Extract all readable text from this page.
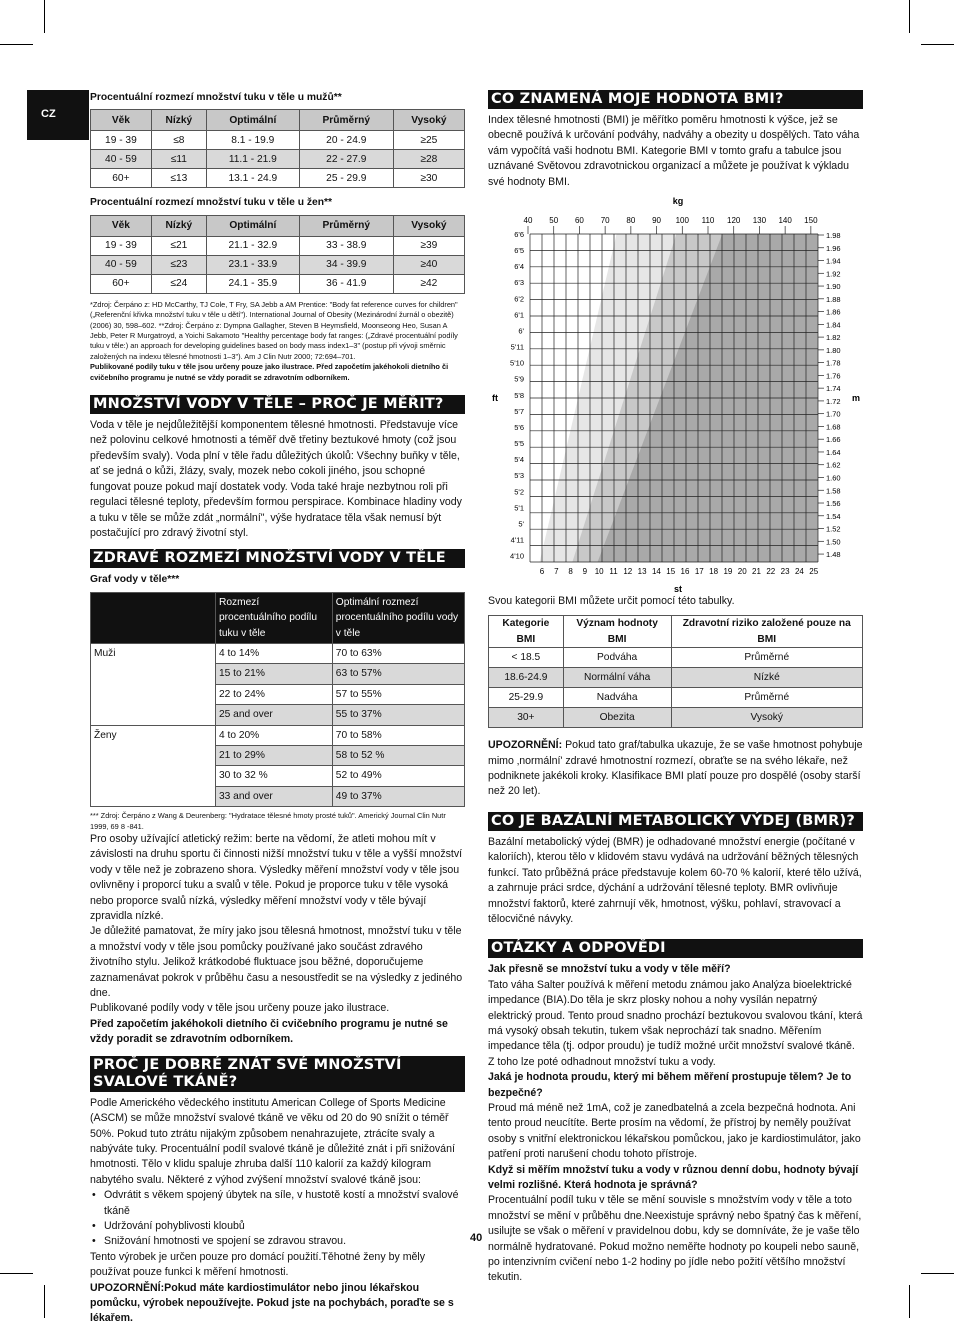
CZ
Procentuální rozmezí množství tuku v těle u mužů**
Věk	Nízký	Optimální	Průměrný	Vysoký
19 - 39	≤8	8.1 - 19.9	20 - 24.9	≥25
40 - 59	≤11	11.1 - 21.9	22 - 27.9	≥28
60+	≤13	13.1 - 24.9	25 - 29.9	≥30
Procentuální rozmezí množství tuku v těle u žen**
Věk	Nízký	Optimální	Průměrný	Vysoký
19 - 39	≤21	21.1 - 32.9	33 - 38.9	≥39
40 - 59	≤23	23.1 - 33.9	34 - 39.9	≥40
60+	≤24	24.1 - 35.9	36 - 41.9	≥42
*Zdroj: Čerpáno z: HD McCarthy, TJ Cole, T Fry, SA Jebb a AM Prentice: "Body fat reference curves for children" („Referenční křivka množství tuku v těle u dětí"). International Journal of Obesity (Mezinárodní žurnál o obezitě) (2006) 30, 598–602. **Zdroj: Čerpáno z: Dympna Gallagher, Steven B Heymsfield, Moonseong Heo, Susan A Jebb, Peter R Murgatroyd, a Yoichi Sakamoto "Healthy percentage body fat ranges: („Zdravé procentuální podíly tuku v těle:) an approach for developing guidelines based on body mass index1–3" (postup při vývoji směrnic založených na indexu tělesné hmotnosti 1–3"). Am J Clin Nutr 2000; 72:694–701.
Publikované podíly tuku v těle jsou určeny pouze jako ilustrace. Před započetím jakéhokoli dietního či cvičebního programu je nutné se vždy poradit se zdravotním odborníkem.
MNOŽSTVÍ VODY V TĚLE – PROČ JE MĚŘIT?

Voda v těle je nejdůležitější komponentem tělesné hmotnosti. Představuje více než polovinu celkové hmotnosti a téměř dvě třetiny beztukové hmoty (což jsou především svaly). Voda plní v těle řadu důležitých úkolů: Všechny buňky v těle, ať se jedná o kůži, žlázy, svaly, mozek nebo cokoli jiného, jsou schopné fungovat pouze pokud mají dostatek vody. Voda také hraje nezbytnou roli při regulaci tělesné teploty, především formou perspirace. Kombinace hladiny vody a tuku v těle se může zdát „normální", výše hydratace těla však nemusí být postačující pro zdravý životní styl.

ZDRAVÉ ROZMEZÍ MNOŽSTVÍ VODY V TĚLE
Graf vody v těle***
	Rozmezí procentuálního podílu tuku v těle	Optimální rozmezí procentuálního podílu vody v těle
Muži	4 to 14%	70 to 63%
	15 to 21%	63 to 57%
	22 to 24%	57 to 55%
	25 and over	55 to 37%
Ženy	4 to 20%	70 to 58%
	21 to 29%	58 to 52 %
	30 to 32 %	52 to 49%
	33 and over	49 to 37%
*** Zdroj: Čerpáno z Wang & Deurenberg: "Hydratace tělesné hmoty prosté tuků". Americký Journal Clin Nutr 1999, 69 8 -841.

Pro osoby užívající atletický režim: berte na vědomí, že atleti mohou mít v závislosti na druhu sportu či činnosti nižší množství tuku v těle a vyšší množství vody v těle než je zobrazeno shora. Výsledky měření množství vody v těle jsou ovlivněny i proporcí tuku a svalů v těle. Pokud je proporce tuku v těle vysoká nebo proporce svalů nízká, výsledky měření množství vody v těle bývají zpravidla nízké.

Je důležité pamatovat, že míry jako jsou tělesná hmotnost, množství tuku v těle a množství vody v těle jsou pomůcky používané jako součást zdravého životního stylu. Jelikož krátkodobé fluktuace jsou běžné, doporučujeme zaznamenávat pokrok v průběhu času a nesoustředit se na výsledky z jediného dne.

Publikované podíly vody v těle jsou určeny pouze jako ilustrace.

Před započetím jakéhokoli dietního či cvičebního programu je nutné se vždy poradit se zdravotním odborníkem.

PROČ JE DOBRÉ ZNÁT SVÉ MNOŽSTVÍ SVALOVÉ TKÁNĚ?

Podle Amerického vědeckého institutu American College of Sports Medicine (ASCM) se může množství svalové tkáně ve věku od 20 do 90 snížit o téměř 50%. Pokud tuto ztrátu nijakým způsobem nenahrazujete, ztrácíte svaly a nabýváte tuky. Procentuální podíl svalové tkáně je důležité znát i při snižování hmotnosti. Tělo v klidu spaluje zhruba další 110 kalorií za každý kilogram nabytého svalu. Některé z výhod zvýšení množství svalové tkáně jsou:

• Odvrátit s věkem spojený úbytek na síle, v hustotě kostí a množství svalové tkáně
• Udržování pohyblivosti kloubů
• Snižování hmotnosti ve spojení se zdravou stravou.

Tento výrobek je určen pouze pro domácí použití.Těhotné ženy by měly používat pouze funkci k měření hmotnosti.

UPOZORNĚNÍ:Pokud máte kardiostimulátor nebo jinou lékařskou pomůcku, výrobek nepoužívejte. Pokud jste na pochybách, poraďte se s lékařem.

CO ZNAMENÁ MOJE HODNOTA BMI?

Index tělesné hmotnosti (BMI) je měřítko poměru hmotnosti k výšce, jež se obecně používá k určování podváhy, nadváhy a obezity u dospělých. Tato váha vám vypočítá vaši hodnotu BMI. Kategorie BMI v tomto grafu a tabulce jsou uznávané Světovou zdravotnickou organizací a můžete je používat k výkladu své hodnoty BMI.

40 50 60 70 80 90 100 110 120 130 140 150
kg
6 7 8 9 10 11 12 13 14 15 16 17 18 19 20 21 22 23 24 25
st
6'6
6'5
6'4
6'3
6'2
6'1
6'
5'11
5'10
5'9
5'8
5'7
5'6
5'5
5'4
5'3
5'2
5'1
5'
4'11
4'10
ft
1.98
1.96
1.94
1.92
1.90
1.88
1.86
1.84
1.82
1.80
1.78
1.76
1.74
1.72
1.70
1.68
1.66
1.64
1.62
1.60
1.58
1.56
1.54
1.52
1.50
1.48
m

Svou kategorii BMI můžete určit pomocí této tabulky.

Kategorie BMI	Význam hodnoty BMI	Zdravotní riziko založené pouze na BMI
< 18.5	Podváha	Průměrné
18.6-24.9	Normální váha	Nízké
25-29.9	Nadváha	Průměrné
30+	Obezita	Vysoký

UPOZORNĚNÍ: Pokud tato graf/tabulka ukazuje, že se vaše hmotnost pohybuje mimo ‚normální' zdravé hmotnostní rozmezí, obraťte se na svého lékaře, než podniknete jakékoli kroky. Klasifikace BMI platí pouze pro dospělé (osoby starší než 20 let).

CO JE BAZÁLNÍ METABOLICKÝ VÝDEJ (BMR)?

Bazální metabolický výdej (BMR) je odhadované množství energie (počítané v kaloriích), kterou tělo v klidovém stavu vydává na udržování běžných tělesných funkcí. Tato průběžná práce představuje kolem 60-70 % kalorií, které tělo užívá, a zahrnuje práci srdce, dýchání a udržování tělesné teploty. BMR ovlivňuje množství faktorů, které zahrnují věk, hmotnost, výšku, pohlaví, stravovací a tělocvičné návyky.

OTÁZKY A ODPOVĚDI

Jak přesně se množství tuku a vody v těle měří?

Tato váha Salter používá k měření metodu známou jako Analýza bioelektrické impedance (BIA).Do těla je skrz plosky nohou a nohy vysílán nepatrný elektrický proud. Tento proud snadno prochází beztukovou svalovou tkání, která má vysoký obsah tekutin, tukem však neprochází tak snadno. Měřením impedance těla (tj. odpor proudu) je tudíž možné určit množství svalové tkáně. Z toho lze poté odhadnout množství tuku a vody.

Jaká je hodnota proudu, který mi během měření prostupuje tělem? Je to bezpečné?

Proud má méně než 1mA, což je zanedbatelná a zcela bezpečná hodnota. Ani tento proud neucítíte. Berte prosím na vědomí, že přístroj by neměly používat osoby s vnitřní elektronickou lékařskou pomůckou, jako je kardiostimulátor, jako patření proti narušení chodu tohoto přístroje.

Když si měřím množství tuku a vody v různou denní dobu, hodnoty bývají velmi rozlišné. Která hodnota je správná?

Procentuální podíl tuku v těle se mění souvisle s množstvím vody v těle a toto množství se mění v průběhu dne.Neexistuje správný nebo špatný čas k měření, usilujte se však o měření v pravidelnou dobu, kdy se domníváte, že je vaše tělo normálně hydratované. Pokud možno neměřte hodnoty po koupeli nebo sauně, po intenzivním cvičení nebo 1-2 hodiny po jídle nebo požití většího množství tekutin.

40
